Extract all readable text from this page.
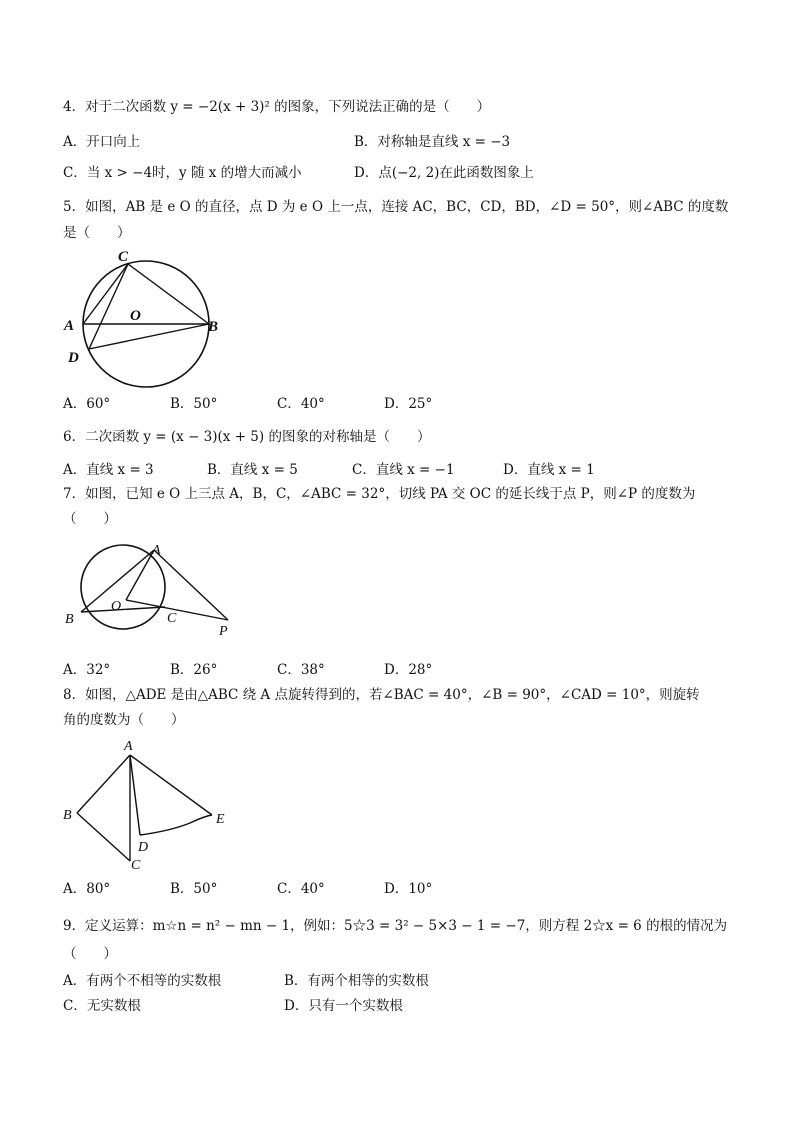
4．对于二次函数 y = −2(x + 3)² 的图象，下列说法正确的是（　　）
A．开口向上	B．对称轴是直线 x = −3
C．当 x > −4时，y 随 x 的增大而减小	D．点(−2, 2)在此函数图象上
5．如图，AB 是 e O 的直径，点 D 为 e O 上一点，连接 AC，BC，CD，BD，∠D = 50°，则∠ABC 的度数
是（　　）
C
O
A	B
D
A．60°	B．50°	C．40°	D．25°
6．二次函数 y = (x − 3)(x + 5) 的图象的对称轴是（　　）
A．直线 x = 3	B．直线 x = 5	C．直线 x = −1	D．直线 x = 1
7．如图，已知 e O 上三点 A，B，C，∠ABC = 32°，切线 PA 交 OC 的延长线于点 P，则∠P 的度数为
（　　）
A
B
O
C
P
A．32°	B．26°	C．38°	D．28°
8．如图，△ADE 是由△ABC 绕 A 点旋转得到的，若∠BAC = 40°，∠B = 90°，∠CAD = 10°，则旋转
角的度数为（　　）
A
B	E
D
C
A．80°	B．50°	C．40°	D．10°
9．定义运算：m☆n = n² − mn − 1，例如：5☆3 = 3² − 5×3 − 1 = −7，则方程 2☆x = 6 的根的情况为
（　　）
A．有两个不相等的实数根	B．有两个相等的实数根
C．无实数根	D．只有一个实数根
